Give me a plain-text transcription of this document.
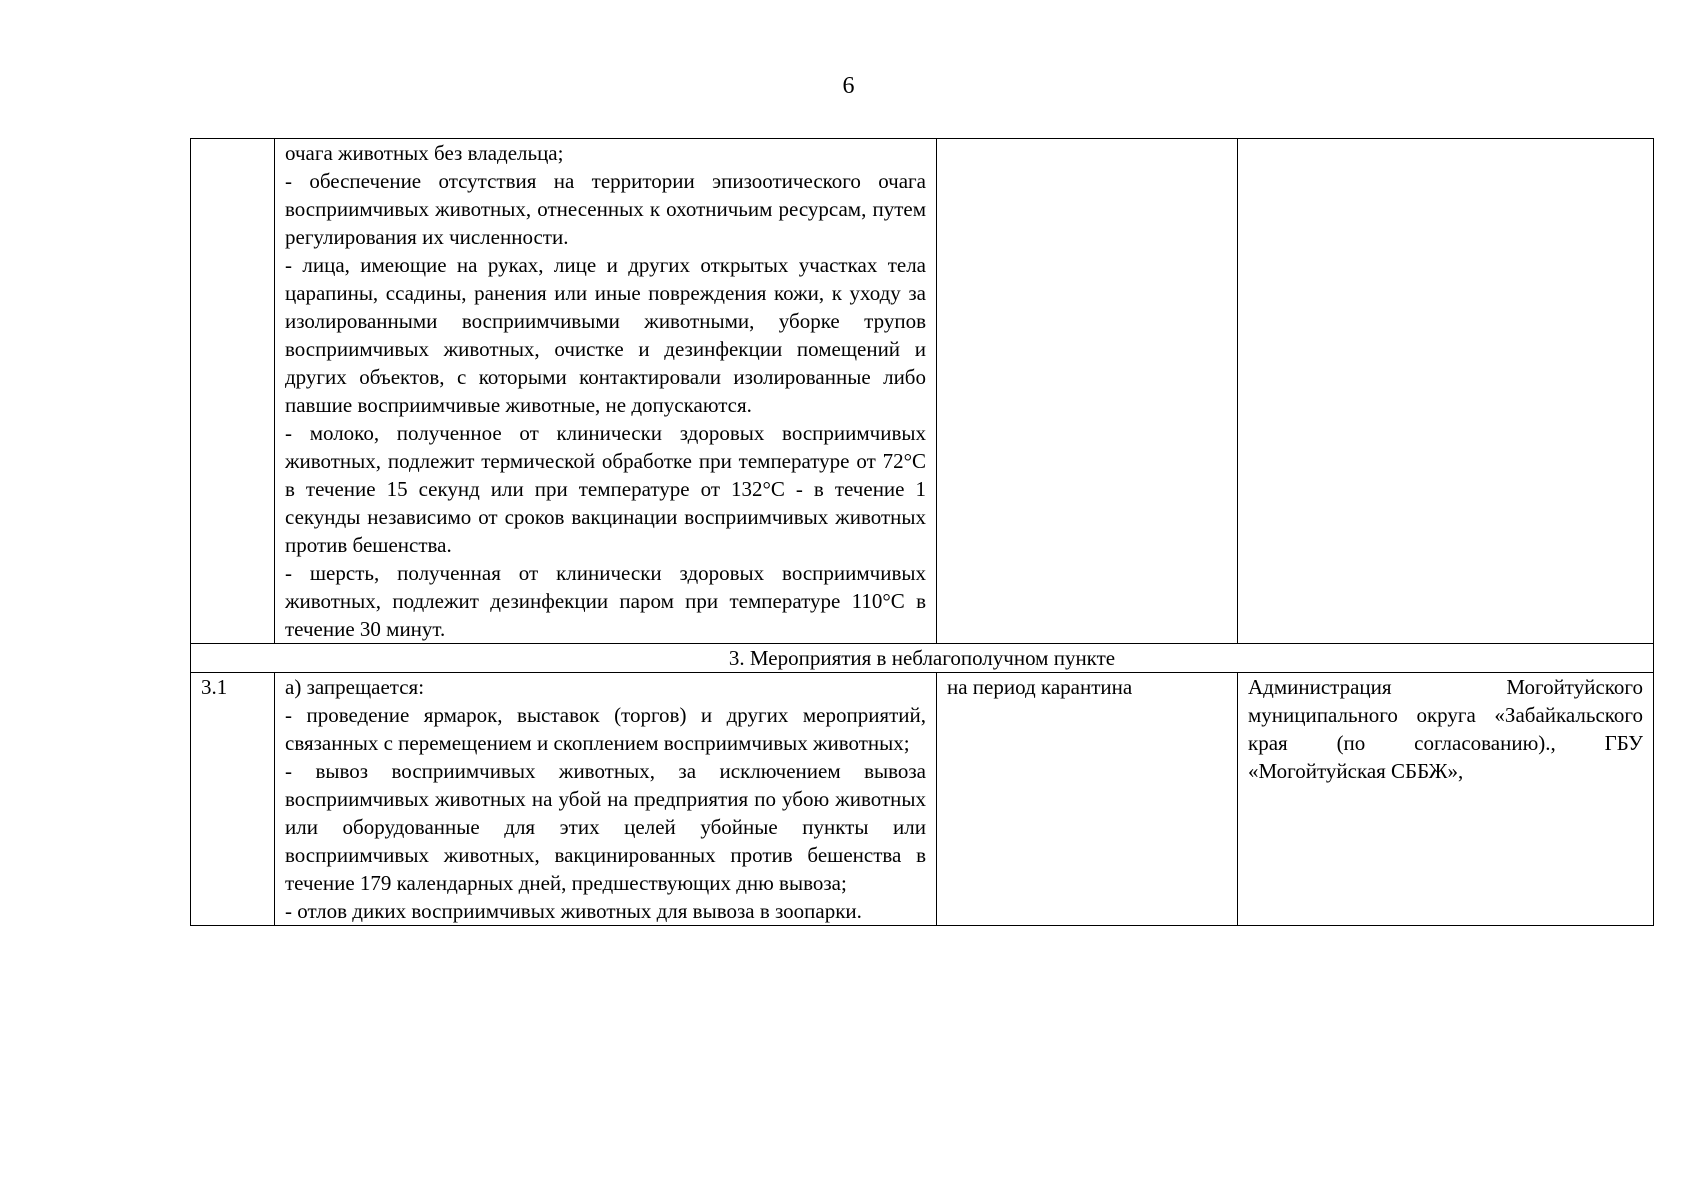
6

	очага животных без владельца;
- обеспечение отсутствия на территории эпизоотического очага восприимчивых животных, отнесенных к охотничьим ресурсам, путем регулирования их численности.
- лица, имеющие на руках, лице и других открытых участках тела царапины, ссадины, ранения или иные повреждения кожи, к уходу за изолированными восприимчивыми животными, уборке трупов восприимчивых животных, очистке и дезинфекции помещений и других объектов, с которыми контактировали изолированные либо павшие восприимчивые животные, не допускаются.
- молоко, полученное от клинически здоровых восприимчивых животных, подлежит термической обработке при температуре от 72°С в течение 15 секунд или при температуре от 132°С - в течение 1 секунды независимо от сроков вакцинации восприимчивых животных против бешенства.
- шерсть, полученная от клинически здоровых восприимчивых животных, подлежит дезинфекции паром при температуре 110°С в течение 30 минут.		

3. Мероприятия в неблагополучном пункте			
3.1	а) запрещается:
- проведение ярмарок, выставок (торгов) и других мероприятий, связанных с перемещением и скоплением восприимчивых животных;
- вывоз восприимчивых животных, за исключением вывоза восприимчивых животных на убой на предприятия по убою животных или оборудованные для этих целей убойные пункты или восприимчивых животных, вакцинированных против бешенства в течение 179 календарных дней, предшествующих дню вывоза;
- отлов диких восприимчивых животных для вывоза в зоопарки.	на период карантина	Администрация Могойтуйского муниципального округа «Забайкальского края (по согласованию)., ГБУ «Могойтуйская СББЖ»,
